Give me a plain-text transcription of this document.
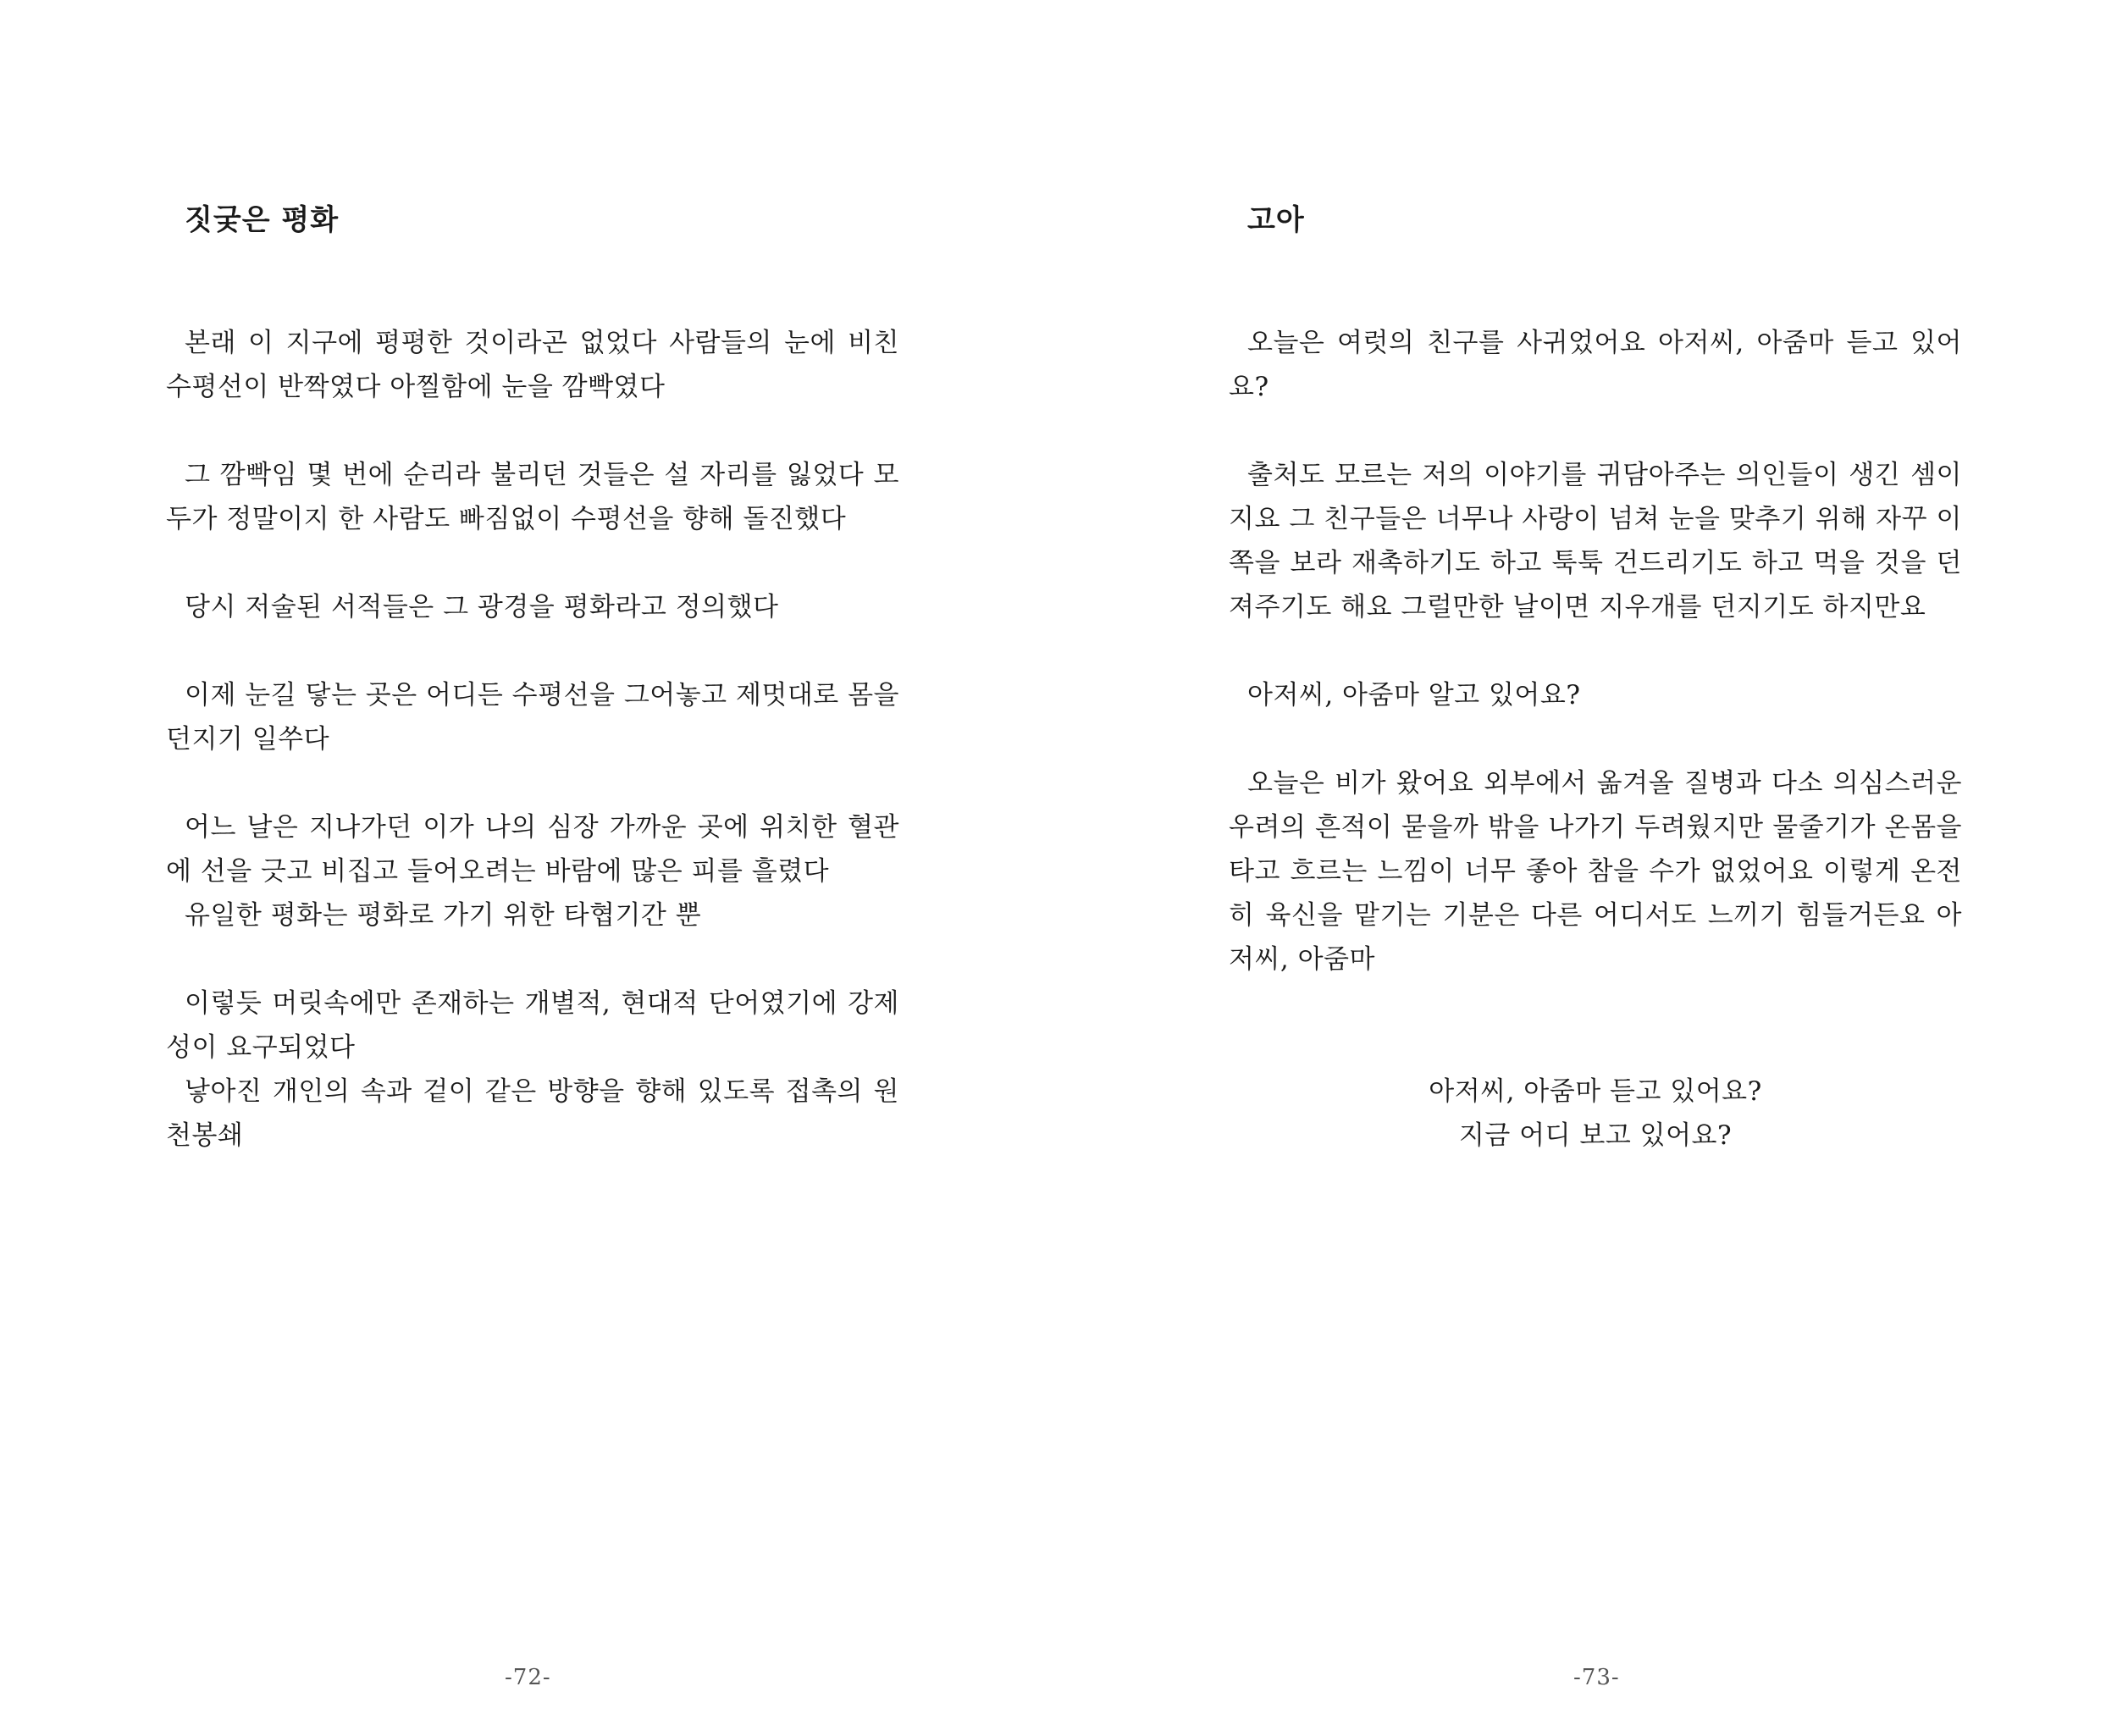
짓궂은 평화

본래 이 지구에 평평한 것이라곤 없었다 사람들의 눈에 비친 수평선이 반짝였다 아찔함에 눈을 깜빡였다

그 깜빡임 몇 번에 순리라 불리던 것들은 설 자리를 잃었다 모두가 정말이지 한 사람도 빠짐없이 수평선을 향해 돌진했다

당시 저술된 서적들은 그 광경을 평화라고 정의했다

이제 눈길 닿는 곳은 어디든 수평선을 그어놓고 제멋대로 몸을 던지기 일쑤다

어느 날은 지나가던 이가 나의 심장 가까운 곳에 위치한 혈관에 선을 긋고 비집고 들어오려는 바람에 많은 피를 흘렸다

유일한 평화는 평화로 가기 위한 타협기간 뿐

이렇듯 머릿속에만 존재하는 개별적, 현대적 단어였기에 강제성이 요구되었다

낳아진 개인의 속과 겉이 같은 방향을 향해 있도록 접촉의 원천봉쇄

-72-
고아

오늘은 여럿의 친구를 사귀었어요 아저씨, 아줌마 듣고 있어요?

출처도 모르는 저의 이야기를 귀담아주는 의인들이 생긴 셈이지요 그 친구들은 너무나 사랑이 넘쳐 눈을 맞추기 위해 자꾸 이쪽을 보라 재촉하기도 하고 툭툭 건드리기도 하고 먹을 것을 던져주기도 해요 그럴만한 날이면 지우개를 던지기도 하지만요

아저씨, 아줌마 알고 있어요?

오늘은 비가 왔어요 외부에서 옮겨올 질병과 다소 의심스러운 우려의 흔적이 묻을까 밖을 나가기 두려웠지만 물줄기가 온몸을 타고 흐르는 느낌이 너무 좋아 참을 수가 없었어요 이렇게 온전히 육신을 맡기는 기분은 다른 어디서도 느끼기 힘들거든요 아저씨, 아줌마

아저씨, 아줌마 듣고 있어요?

지금 어디 보고 있어요?

-73-
